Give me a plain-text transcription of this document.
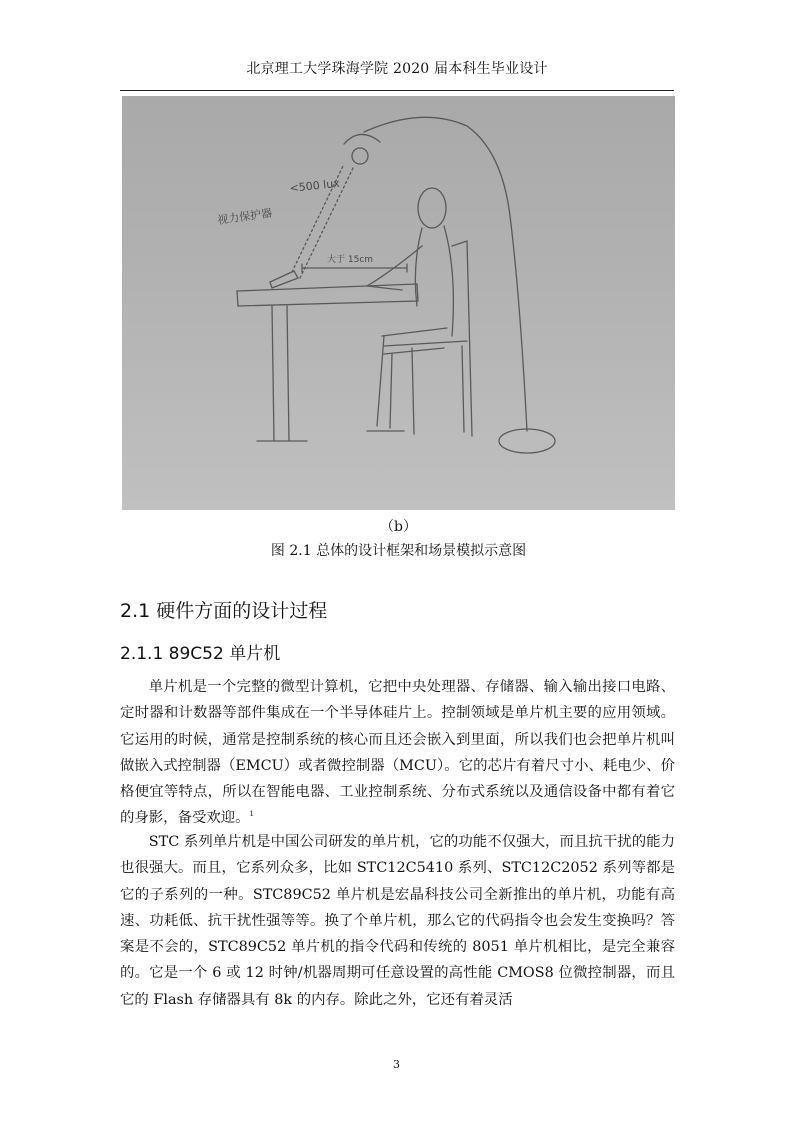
北京理工大学珠海学院 2020 届本科生毕业设计
视力保护器
<500 lux
大于 15cm
（b）
图 2.1 总体的设计框架和场景模拟示意图
2.1 硬件方面的设计过程
2.1.1 89C52 单片机

单片机是一个完整的微型计算机，它把中央处理器、存储器、输入输出接口电路、定时器和计数器等部件集成在一个半导体硅片上。控制领域是单片机主要的应用领域。它运用的时候，通常是控制系统的核心而且还会嵌入到里面，所以我们也会把单片机叫做嵌入式控制器（EMCU）或者微控制器（MCU）。它的芯片有着尺寸小、耗电少、价格便宜等特点，所以在智能电器、工业控制系统、分布式系统以及通信设备中都有着它的身影，备受欢迎。$^1$

STC 系列单片机是中国公司研发的单片机，它的功能不仅强大，而且抗干扰的能力也很强大。而且，它系列众多，比如 STC12C5410 系列、STC12C2052 系列等都是它的子系列的一种。STC89C52 单片机是宏晶科技公司全新推出的单片机，功能有高速、功耗低、抗干扰性强等等。换了个单片机，那么它的代码指令也会发生变换吗？答案是不会的，STC89C52 单片机的指令代码和传统的 8051 单片机相比，是完全兼容的。它是一个 6 或 12 时钟/机器周期可任意设置的高性能 CMOS8 位微控制器，而且它的 Flash 存储器具有 8k 的内存。除此之外，它还有着灵活

3
